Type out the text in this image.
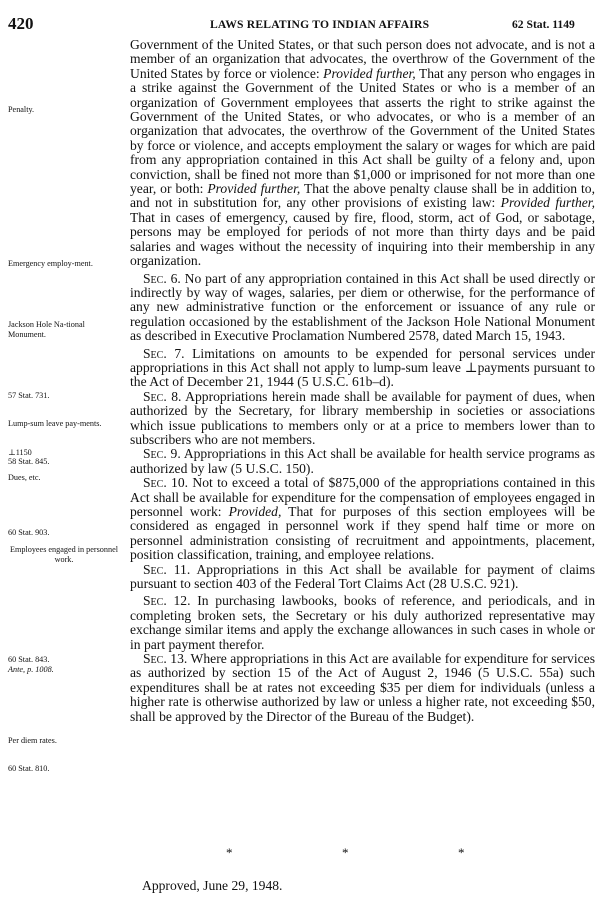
420	LAWS RELATING TO INDIAN AFFAIRS	62 Stat. 1149
Penalty.
Emergency employ-ment.
Jackson Hole Na-tional Monument.
57 Stat. 731.
Lump-sum leave pay-ments.
⊥1150
58 Stat. 845.
Dues, etc.
60 Stat. 903.
Employees engaged in personnel work.
60 Stat. 843.
Ante, p. 1008.
Per diem rates.
60 Stat. 810.

Government of the United States, or that such person does not advocate, and is not a member of an organization that advocates, the overthrow of the Government of the United States by force or violence: Provided further, That any person who engages in a strike against the Government of the United States or who is a member of an organization of Government employees that asserts the right to strike against the Government of the United States, or who advocates, or who is a member of an organization that advocates, the overthrow of the Government of the United States by force or violence, and accepts employment the salary or wages for which are paid from any appropriation contained in this Act shall be guilty of a felony and, upon conviction, shall be fined not more than $1,000 or imprisoned for not more than one year, or both: Provided further, That the above penalty clause shall be in addition to, and not in substitution for, any other provisions of existing law: Provided further, That in cases of emergency, caused by fire, flood, storm, act of God, or sabotage, persons may be employed for periods of not more than thirty days and be paid salaries and wages without the necessity of inquiring into their membership in any organization.

Sec. 6. No part of any appropriation contained in this Act shall be used directly or indirectly by way of wages, salaries, per diem or otherwise, for the performance of any new administrative function or the enforcement or issuance of any rule or regulation occasioned by the establishment of the Jackson Hole National Monument as described in Executive Proclamation Numbered 2578, dated March 15, 1943.

Sec. 7. Limitations on amounts to be expended for personal services under appropriations in this Act shall not apply to lump-sum leave ⊥payments pursuant to the Act of December 21, 1944 (5 U.S.C. 61b–d).

Sec. 8. Appropriations herein made shall be available for payment of dues, when authorized by the Secretary, for library membership in societies or associations which issue publications to members only or at a price to members lower than to subscribers who are not members.

Sec. 9. Appropriations in this Act shall be available for health service programs as authorized by law (5 U.S.C. 150).

Sec. 10. Not to exceed a total of $875,000 of the appropriations contained in this Act shall be available for expenditure for the compensation of employees engaged in personnel work: Provided, That for purposes of this section employees will be considered as engaged in personnel work if they spend half time or more on personnel administration consisting of recruitment and appointments, placement, position classification, training, and employee relations.

Sec. 11. Appropriations in this Act shall be available for payment of claims pursuant to section 403 of the Federal Tort Claims Act (28 U.S.C. 921).

Sec. 12. In purchasing lawbooks, books of reference, and periodicals, and in completing broken sets, the Secretary or his duly authorized representative may exchange similar items and apply the exchange allowances in such cases in whole or in part payment therefor.

Sec. 13. Where appropriations in this Act are available for expenditure for services as authorized by section 15 of the Act of August 2, 1946 (5 U.S.C. 55a) such expenditures shall be at rates not exceeding $35 per diem for individuals (unless a higher rate is otherwise authorized by law or unless a higher rate, not exceeding $50, shall be approved by the Director of the Bureau of the Budget).

*	*	*
Approved, June 29, 1948.
